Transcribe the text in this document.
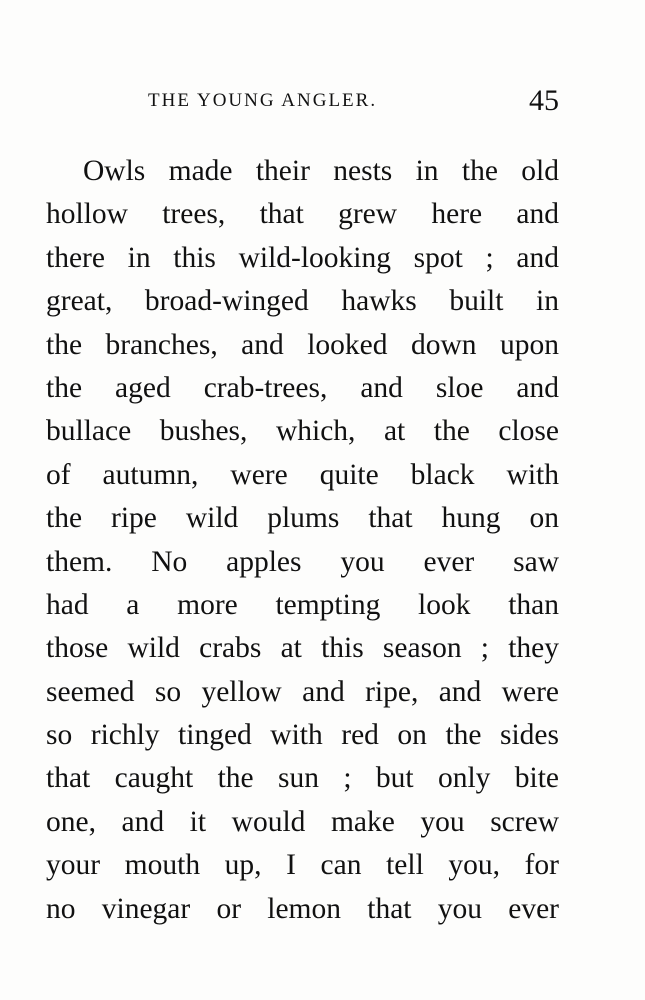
THE YOUNG ANGLER.	45
Owls made their nests in the old
hollow trees, that grew here and
there in this wild-looking spot ; and
great, broad-winged hawks built in
the branches, and looked down upon
the aged crab-trees, and sloe and
bullace bushes, which, at the close
of autumn, were quite black with
the ripe wild plums that hung on
them. No apples you ever saw
had a more tempting look than
those wild crabs at this season ; they
seemed so yellow and ripe, and were
so richly tinged with red on the sides
that caught the sun ; but only bite
one, and it would make you screw
your mouth up, I can tell you, for
no vinegar or lemon that you ever
